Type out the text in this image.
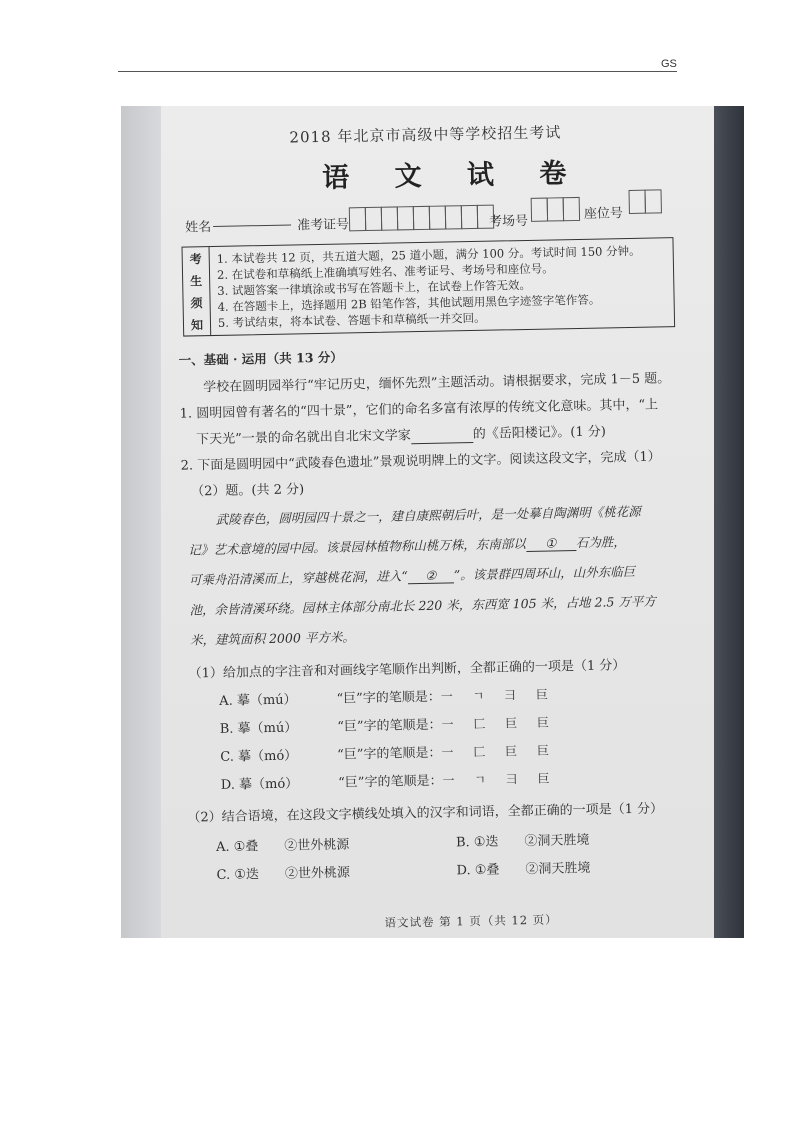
GS
2018 年北京市高级中等学校招生考试
语 文 试 卷
姓名	准考证号	考场号	座位号
考
生
须
知
1. 本试卷共 12 页，共五道大题，25 道小题，满分 100 分。考试时间 150 分钟。
2. 在试卷和草稿纸上准确填写姓名、准考证号、考场号和座位号。
3. 试题答案一律填涂或书写在答题卡上，在试卷上作答无效。
4. 在答题卡上，选择题用 2B 铅笔作答，其他试题用黑色字迹签字笔作答。
5. 考试结束，将本试卷、答题卡和草稿纸一并交回。
一、基础 · 运用（共 13 分）
学校在圆明园举行“牢记历史，缅怀先烈”主题活动。请根据要求，完成 1－5 题。
1. 圆明园曾有著名的“四十景”，它们的命名多富有浓厚的传统文化意味。其中，“上
下天光”一景的命名就出自北宋文学家	的《岳阳楼记》。(1 分)
2. 下面是圆明园中“武陵春色遗址”景观说明牌上的文字。阅读这段文字，完成（1）
（2）题。(共 2 分)
武陵春色，圆明园四十景之一，建自康熙朝后叶，是一处摹自陶渊明《桃花源
记》艺术意境的园中园。该景园林植物称山桃万株，东南部以 ① 石为胜，
可乘舟沿清溪而上，穿越桃花洞，进入“ ② ”。该景群四周环山，山外东临巨
池，余皆清溪环绕。园林主体部分南北长 220 米，东西宽 105 米，占地 2.5 万平方
米，建筑面积 2000 平方米。
（1）给加点的字注音和对画线字笔顺作出判断，全都正确的一项是（1 分）
A. 摹（mú）	“巨”字的笔顺是：一 ㄱ 彐 巨
B. 摹（mú）	“巨”字的笔顺是：一 匚 巨 巨
C. 摹（mó）	“巨”字的笔顺是：一 匚 巨 巨
D. 摹（mó）	“巨”字的笔顺是：一 ㄱ 彐 巨
（2）结合语境，在这段文字横线处填入的汉字和词语，全都正确的一项是（1 分）
A. ①叠 ②世外桃源	B. ①迭 ②洞天胜境
C. ①迭 ②世外桃源	D. ①叠 ②洞天胜境
语文试卷 第 1 页（共 12 页）
